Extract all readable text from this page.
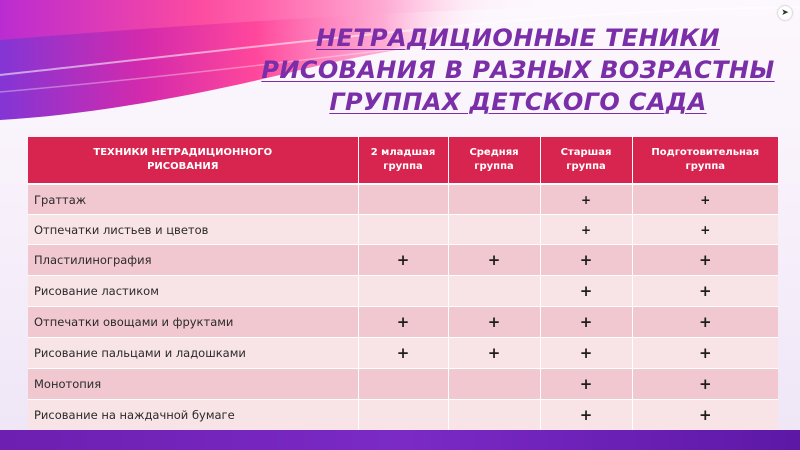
➤
НЕТРАДИЦИОННЫЕ ТЕНИКИ
РИСОВАНИЯ В РАЗНЫХ ВОЗРАСТНЫ
ГРУППАХ ДЕТСКОГО САДА
ТЕХНИКИ НЕТРАДИЦИОННОГО РИСОВАНИЯ	2 младшая группа	Средняя группа	Старшая группа	Подготовительная группа
Граттаж			+	+
Отпечатки листьев и цветов			+	+
Пластилинография	+	+	+	+
Рисование ластиком			+	+
Отпечатки овощами и фруктами	+	+	+	+
Рисование пальцами и ладошками	+	+	+	+
Монотопия			+	+
Рисование на наждачной бумаге			+	+
